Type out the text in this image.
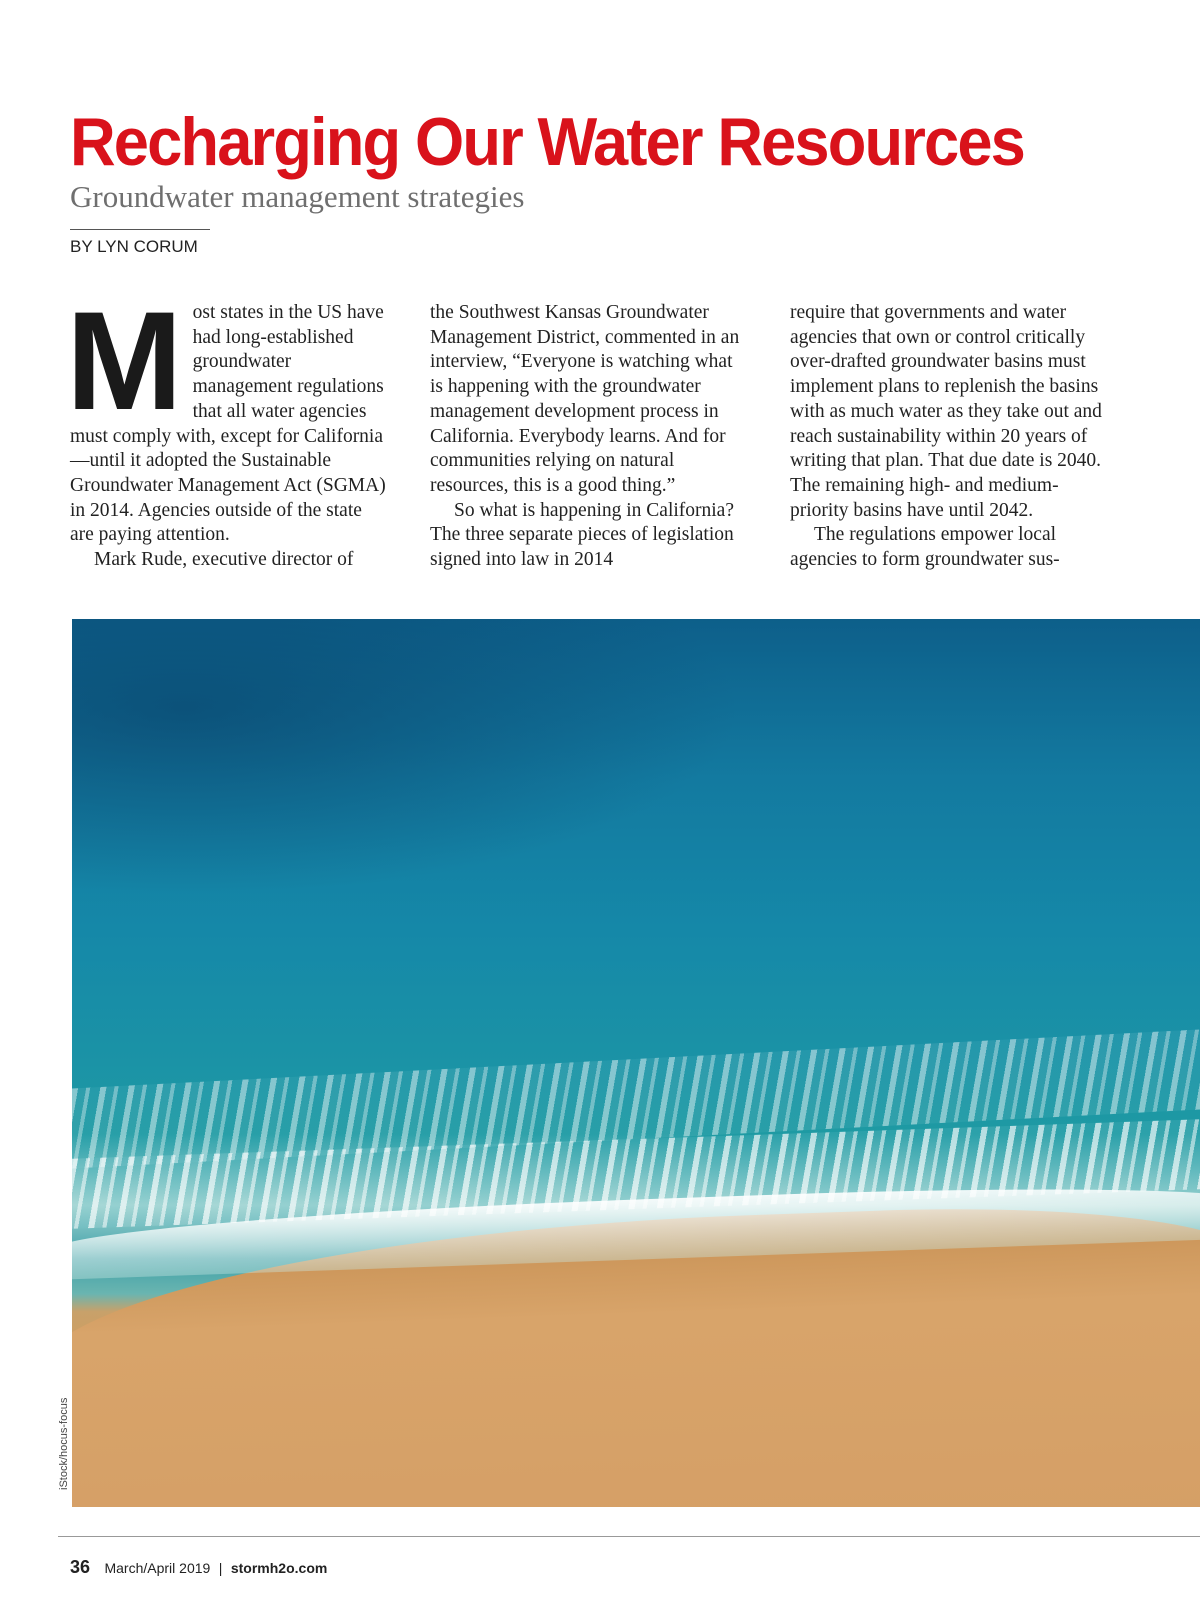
Recharging Our Water Resources
Groundwater management strategies
BY LYN CORUM
M ost states in the US have had long-established groundwater management regulations that all water agencies must comply with, except for California—until it adopted the Sustainable Groundwater Management Act (SGMA) in 2014. Agencies outside of the state are paying attention.

Mark Rude, executive director of

the Southwest Kansas Groundwater Management District, commented in an interview, “Everyone is watching what is happening with the groundwater management development process in California. Everybody learns. And for communities relying on natural resources, this is a good thing.”

So what is happening in California? The three separate pieces of legislation signed into law in 2014

require that governments and water agencies that own or control critically over-drafted groundwater basins must implement plans to replenish the basins with as much water as they take out and reach sustainability within 20 years of writing that plan. That due date is 2040. The remaining high- and medium-priority basins have until 2042.

The regulations empower local agencies to form groundwater sus-

iStock/hocus-focus
36 March/April 2019 | stormh2o.com
